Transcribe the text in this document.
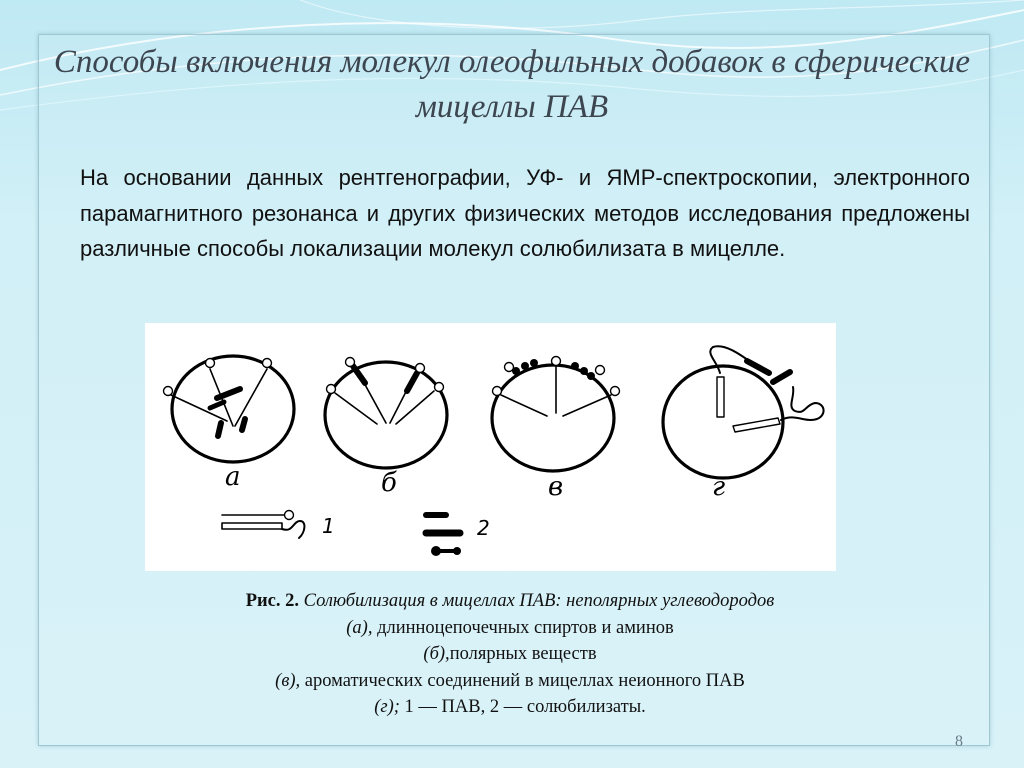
Способы включения молекул олеофильных добавок в сферические мицеллы ПАВ

На основании данных рентгенографии, УФ- и ЯМР-спектроскопии, электронного парамагнитного резонанса и других физических методов исследования предложены различные способы локализации молекул солюбилизата в мицелле.

а	б	в	г
1	2
Рис. 2. Солюбилизация в мицеллах ПАВ: неполярных углеводородов
(а), длинноцепочечных спиртов и аминов
(б),полярных веществ
(в), ароматических соединений в мицеллах неионного ПАВ
(г); 1 — ПАВ, 2 — солюбилизаты.
8
